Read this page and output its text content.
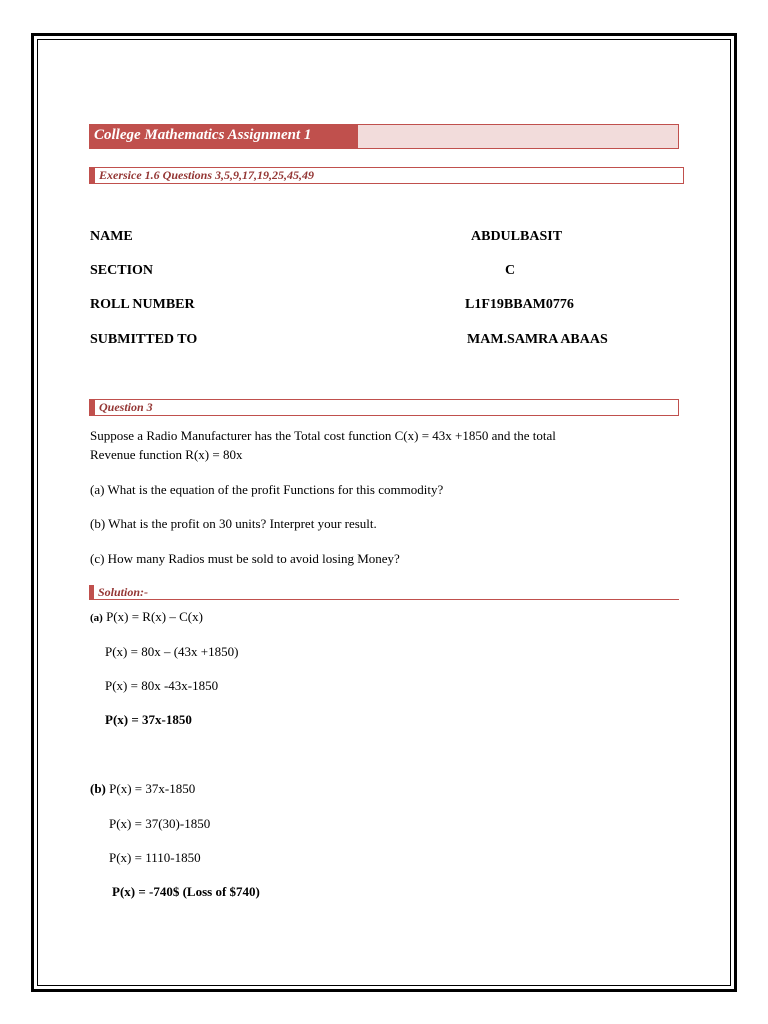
College Mathematics Assignment 1
Exersice 1.6 Questions 3,5,9,17,19,25,45,49
NAME	ABDULBASIT
SECTION	C
ROLL NUMBER	L1F19BBAM0776
SUBMITTED TO	MAM.SAMRA ABAAS
Question 3
Suppose a Radio Manufacturer has the Total cost function C(x) = 43x +1850 and the total
Revenue function R(x) = 80x
(a) What is the equation of the profit Functions for this commodity?
(b) What is the profit on 30 units? Interpret your result.
(c) How many Radios must be sold to avoid losing Money?
Solution:-
(a) P(x) = R(x) – C(x)
P(x) = 80x – (43x +1850)
P(x) = 80x -43x-1850
P(x) = 37x-1850
(b) P(x) = 37x-1850
P(x) = 37(30)-1850
P(x) = 1110-1850
P(x) = -740$ (Loss of $740)
